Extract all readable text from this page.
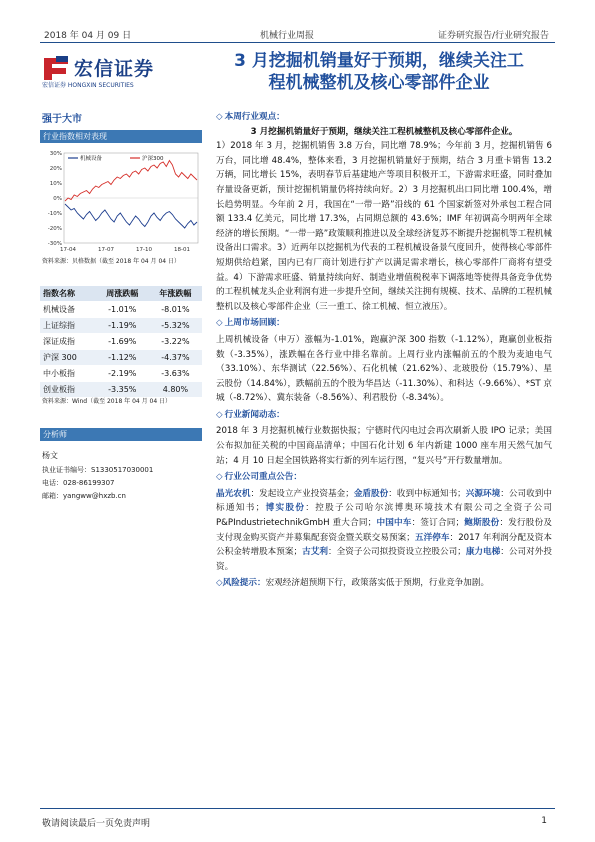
2018 年 04 月 09 日	机械行业周报	证券研究报告/行业研究报告
宏信证券
宏信证券 HONGXIN SECURITIES
3 月挖掘机销量好于预期，继续关注工
程机械整机及核心零部件企业
强于大市
行业指数相对表现
30%
20%
10%
0%
-10%
-20%
-30%
17-04	17-07	17-10	18-01
机械设备	沪深300
资料来源：贝格数据（截至 2018 年 04 月 04 日）
指数名称	周涨跌幅	年涨跌幅
机械设备	-1.01%	-8.01%
上证综指	-1.19%	-5.32%
深证成指	-1.69%	-3.22%
沪深 300	-1.12%	-4.37%
中小板指	-2.19%	-3.63%
创业板指	-3.35%	4.80%
资料来源：Wind（截至 2018 年 04 月 04 日）
分析师
杨文
执业证书编号：S1330517030001
电话：028-86199307
邮箱：yangww@hxzb.cn

◇ 本周行业观点：

3 月挖掘机销量好于预期，继续关注工程机械整机及核心零部件企业。

1）2018 年 3 月，挖掘机销售 3.8 万台，同比增 78.9%；今年前 3 月，挖掘机销售 6 万台，同比增 48.4%，整体来看，3 月挖掘机销量好于预期，结合 3 月重卡销售 13.2 万辆，同比增长 15%，表明春节后基建地产等项目积极开工，下游需求旺盛，同时叠加存量设备更新，预计挖掘机销量仍将持续向好。2）3 月挖掘机出口同比增 100.4%，增长趋势明显。今年前 2 月，我国在“一带一路”沿线的 61 个国家新签对外承包工程合同额 133.4 亿美元，同比增 17.3%，占同期总额的 43.6%；IMF 年初调高今明两年全球经济的增长预期。“一带一路”政策顺利推进以及全球经济复苏不断提升挖掘机等工程机械设备出口需求。3）近两年以挖掘机为代表的工程机械设备景气度回升，使得核心零部件短期供给趋紧，国内已有厂商计划进行扩产以满足需求增长，核心零部件厂商将有望受益。4）下游需求旺盛、销量持续向好、制造业增值税税率下调落地等使得具备竞争优势的工程机械龙头企业利润有进一步提升空间，继续关注拥有规模、技术、品牌的工程机械整机以及核心零部件企业（三一重工、徐工机械、恒立液压）。

◇ 上周市场回顾：

上周机械设备（申万）涨幅为-1.01%，跑赢沪深 300 指数（-1.12%），跑赢创业板指数（-3.35%），涨跌幅在各行业中排名靠前。上周行业内涨幅前五的个股为麦迪电气（33.10%）、东华测试（22.56%）、石化机械（21.62%）、北玻股份（15.79%）、星云股份（14.84%），跌幅前五的个股为华昌达（-11.30%）、和科达（-9.66%）、*ST 京城（-8.72%）、冀东装备（-8.56%）、利君股份（-8.34%）。

◇ 行业新闻动态：

2018 年 3 月挖掘机械行业数据快报；宁德时代闪电过会再次刷新人股 IPO 记录；美国公布拟加征关税的中国商品清单；中国石化计划 6 年内新建 1000 座车用天然气加气站；4 月 10 日起全国铁路将实行新的列车运行图，“复兴号”开行数量增加。

◇ 行业公司重点公告：

晶光农机：发起设立产业投资基金；金盾股份：收到中标通知书；兴源环境：公司收到中标通知书；博实股份：控股子公司哈尔滨博奥环境技术有限公司之全资子公司 P&PIndustrietechnikGmbH 重大合同；中国中车：签订合同；鲍斯股份：发行股份及支付现金购买资产并募集配套资金暨关联交易预案；五洋停车：2017 年利润分配及资本公积金转增股本预案；古艾利：全资子公司拟投资设立控股公司；康力电梯：公司对外投资。

◇风险提示：宏观经济超预期下行，政策落实低于预期，行业竞争加剧。

敬请阅读最后一页免责声明	1
